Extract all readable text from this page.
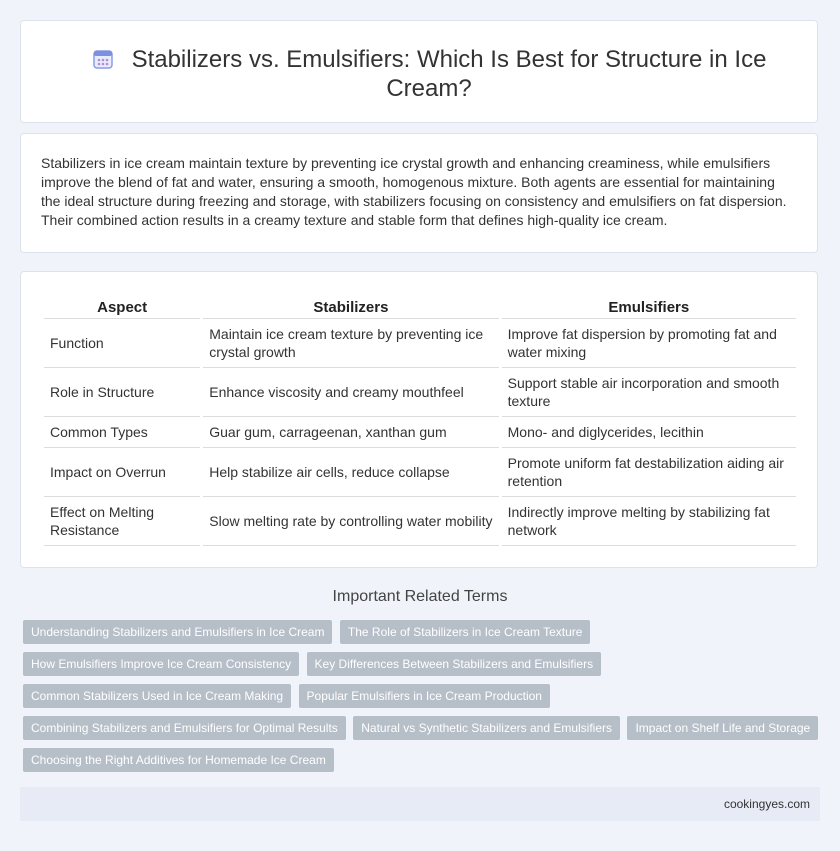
Stabilizers vs. Emulsifiers: Which Is Best for Structure in Ice Cream?
Stabilizers in ice cream maintain texture by preventing ice crystal growth and enhancing creaminess, while emulsifiers improve the blend of fat and water, ensuring a smooth, homogenous mixture. Both agents are essential for maintaining the ideal structure during freezing and storage, with stabilizers focusing on consistency and emulsifiers on fat dispersion. Their combined action results in a creamy texture and stable form that defines high-quality ice cream.
Aspect	Stabilizers	Emulsifiers
Function	Maintain ice cream texture by preventing ice crystal growth	Improve fat dispersion by promoting fat and water mixing
Role in Structure	Enhance viscosity and creamy mouthfeel	Support stable air incorporation and smooth texture
Common Types	Guar gum, carrageenan, xanthan gum	Mono- and diglycerides, lecithin
Impact on Overrun	Help stabilize air cells, reduce collapse	Promote uniform fat destabilization aiding air retention
Effect on Melting Resistance	Slow melting rate by controlling water mobility	Indirectly improve melting by stabilizing fat network
Important Related Terms
Understanding Stabilizers and Emulsifiers in Ice Cream The Role of Stabilizers in Ice Cream Texture
How Emulsifiers Improve Ice Cream Consistency Key Differences Between Stabilizers and Emulsifiers
Common Stabilizers Used in Ice Cream Making Popular Emulsifiers in Ice Cream Production
Combining Stabilizers and Emulsifiers for Optimal Results Natural vs Synthetic Stabilizers and Emulsifiers Impact on Shelf Life and Storage
Choosing the Right Additives for Homemade Ice Cream
cookingyes.com
